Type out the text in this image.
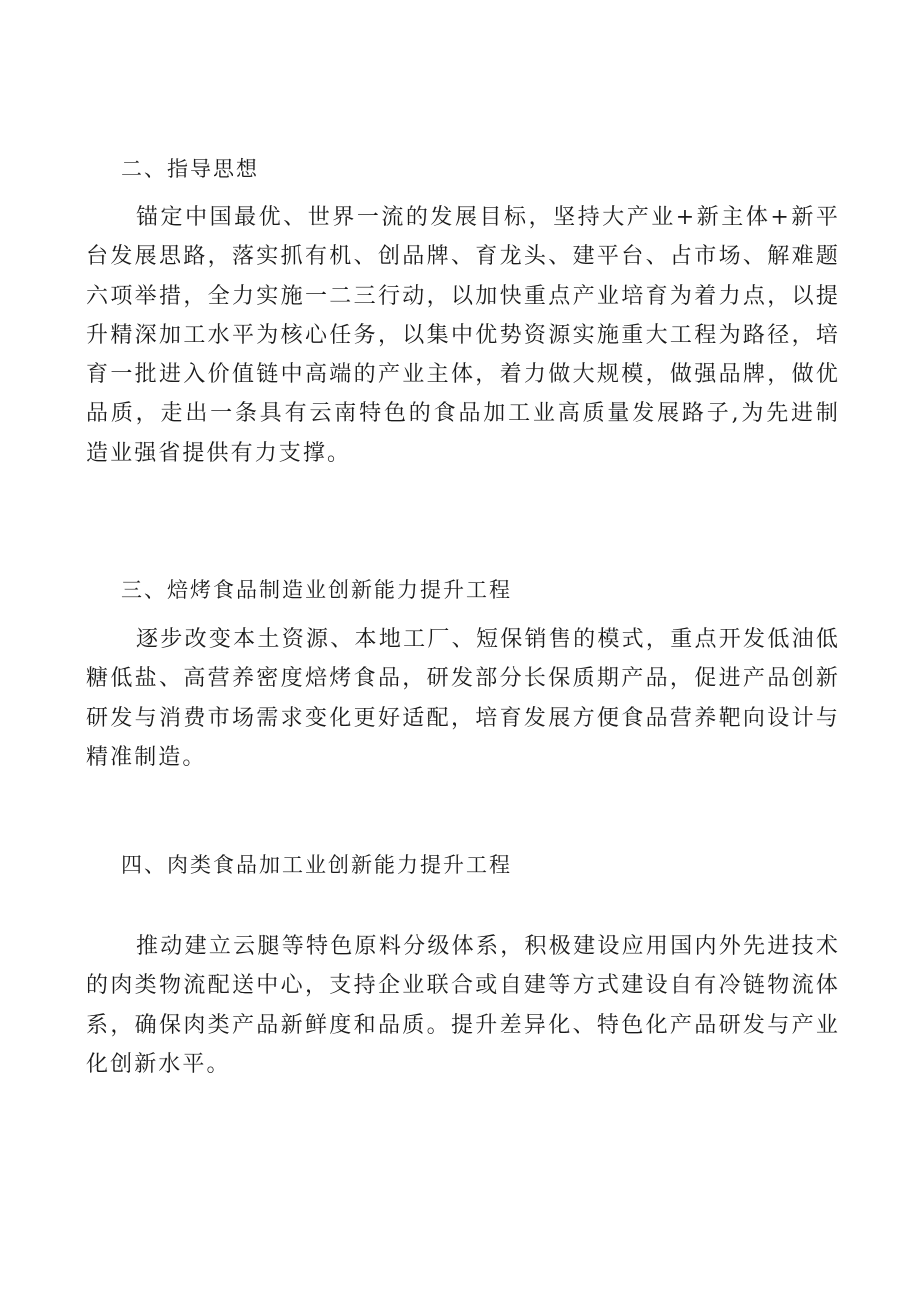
二、指导思想

锚定中国最优、世界一流的发展目标，坚持大产业+新主体+新平台发展思路，落实抓有机、创品牌、育龙头、建平台、占市场、解难题六项举措，全力实施一二三行动，以加快重点产业培育为着力点，以提升精深加工水平为核心任务，以集中优势资源实施重大工程为路径，培育一批进入价值链中高端的产业主体，着力做大规模，做强品牌，做优品质，走出一条具有云南特色的食品加工业高质量发展路子,为先进制造业强省提供有力支撑。

三、焙烤食品制造业创新能力提升工程

逐步改变本土资源、本地工厂、短保销售的模式，重点开发低油低糖低盐、高营养密度焙烤食品，研发部分长保质期产品，促进产品创新研发与消费市场需求变化更好适配，培育发展方便食品营养靶向设计与精准制造。

四、肉类食品加工业创新能力提升工程

推动建立云腿等特色原料分级体系，积极建设应用国内外先进技术的肉类物流配送中心，支持企业联合或自建等方式建设自有冷链物流体系，确保肉类产品新鲜度和品质。提升差异化、特色化产品研发与产业化创新水平。
